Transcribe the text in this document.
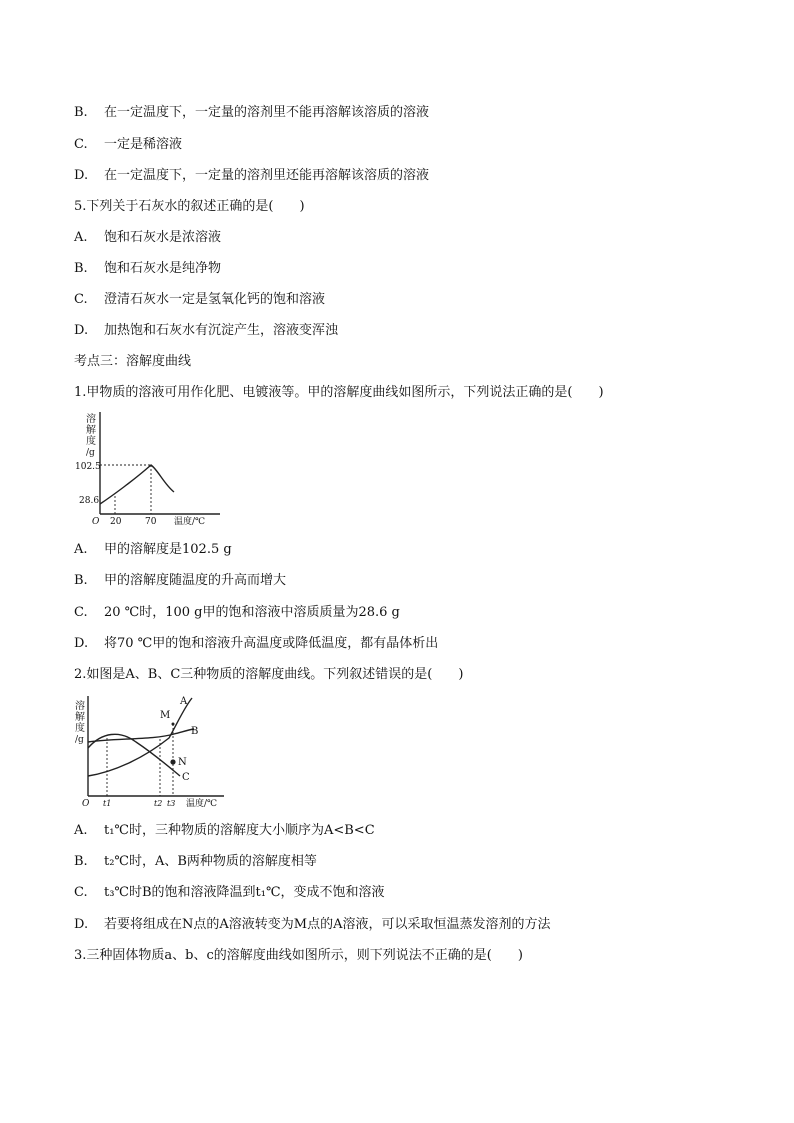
B. 在一定温度下，一定量的溶剂里不能再溶解该溶质的溶液
C. 一定是稀溶液
D. 在一定温度下，一定量的溶剂里还能再溶解该溶质的溶液
5.下列关于石灰水的叙述正确的是(　　)
A. 饱和石灰水是浓溶液
B. 饱和石灰水是纯净物
C. 澄清石灰水一定是氢氧化钙的饱和溶液
D. 加热饱和石灰水有沉淀产生，溶液变浑浊
考点三：溶解度曲线
1.甲物质的溶液可用作化肥、电镀液等。甲的溶解度曲线如图所示，下列说法正确的是(　　)
溶
解
度
/g
102.5
28.6
O 20	70 温度/℃
A. 甲的溶解度是102.5 g
B. 甲的溶解度随温度的升高而增大
C. 20 ℃时，100 g甲的饱和溶液中溶质质量为28.6 g
D. 将70 ℃甲的饱和溶液升高温度或降低温度，都有晶体析出
2.如图是A、B、C三种物质的溶解度曲线。下列叙述错误的是(　　)
溶
解
度
/g
M
N
A
B
C
O t1	t2 t3 温度/℃
A. t₁℃时，三种物质的溶解度大小顺序为A<B<C
B. t₂℃时，A、B两种物质的溶解度相等
C. t₃℃时B的饱和溶液降温到t₁℃，变成不饱和溶液
D. 若要将组成在N点的A溶液转变为M点的A溶液，可以采取恒温蒸发溶剂的方法
3.三种固体物质a、b、c的溶解度曲线如图所示，则下列说法不正确的是(　　)
